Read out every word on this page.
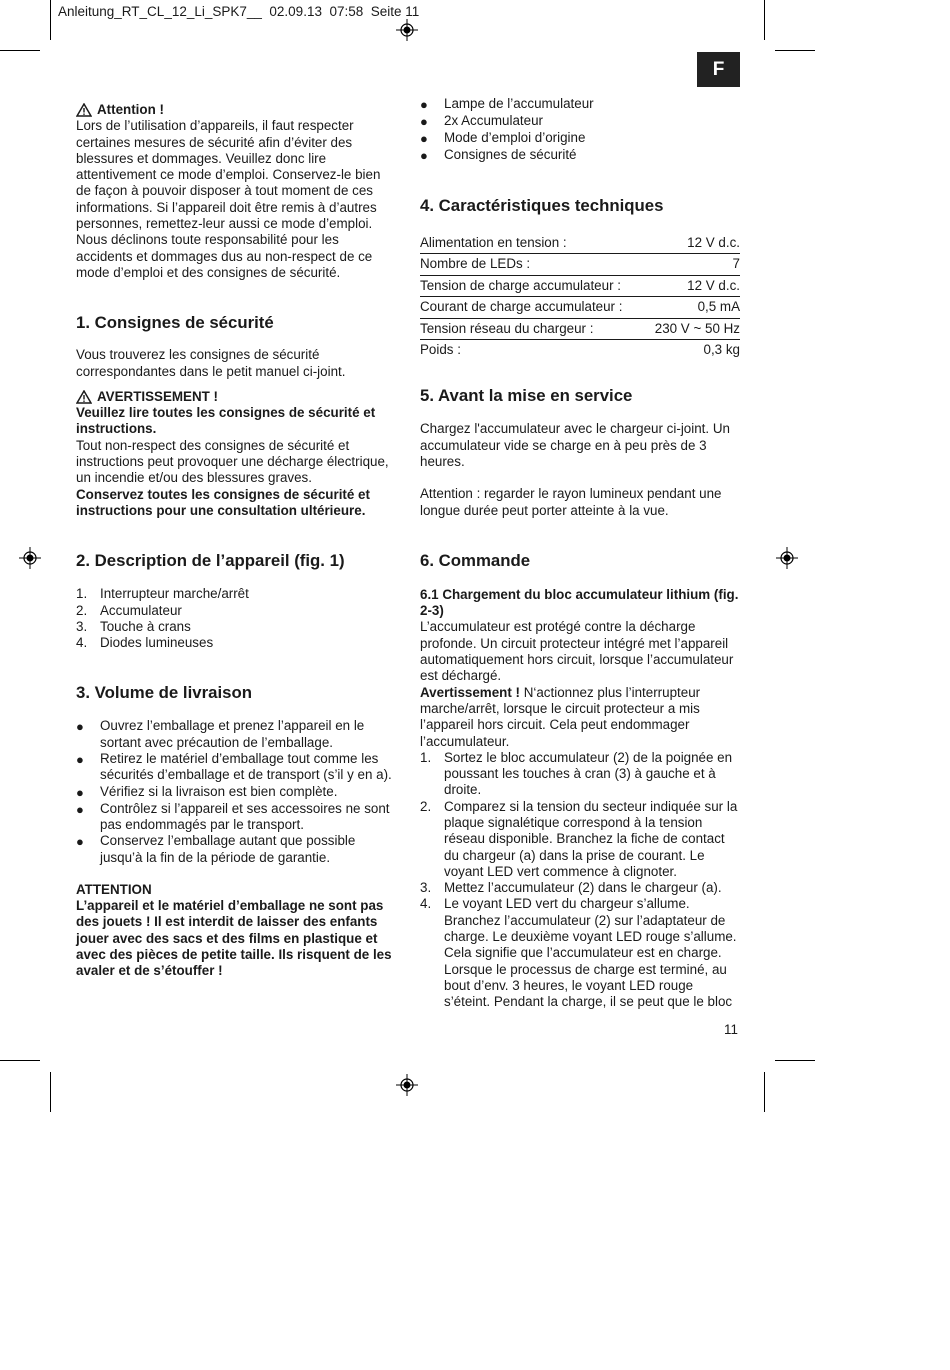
Anleitung_RT_CL_12_Li_SPK7__  02.09.13  07:58  Seite 11
F
Attention !

Lors de l’utilisation d’appareils, il faut respecter certaines mesures de sécurité afin d’éviter des blessures et dommages. Veuillez donc lire attentivement ce mode d’emploi. Conservez-le bien de façon à pouvoir disposer à tout moment de ces informations. Si l’appareil doit être remis à d’autres personnes, remettez-leur aussi ce mode d’emploi. Nous déclinons toute responsabilité pour les accidents et dommages dus au non-respect de ce mode d’emploi et des consignes de sécurité.

1. Consignes de sécurité

Vous trouverez les consignes de sécurité correspondantes dans le petit manuel ci-joint.

AVERTISSEMENT !

Veuillez lire toutes les consignes de sécurité et instructions.

Tout non-respect des consignes de sécurité et instructions peut provoquer une décharge électrique, un incendie et/ou des blessures graves.

Conservez toutes les consignes de sécurité et instructions pour une consultation ultérieure.

2. Description de l’appareil (fig. 1)
1. Interrupteur marche/arrêt
2. Accumulateur
3. Touche à crans
4. Diodes lumineuses
3. Volume de livraison
●	Ouvrez l’emballage et prenez l’appareil en le sortant avec précaution de l’emballage.
●	Retirez le matériel d’emballage tout comme les sécurités d’emballage et de transport (s’il y en a).
●	Vérifiez si la livraison est bien complète.
●	Contrôlez si l’appareil et ses accessoires ne sont pas endommagés par le transport.
●	Conservez l’emballage autant que possible jusqu’à la fin de la période de garantie.

ATTENTION

L’appareil et le matériel d’emballage ne sont pas des jouets ! Il est interdit de laisser des enfants jouer avec des sacs et des films en plastique et avec des pièces de petite taille. Ils risquent de les avaler et de s’étouffer !

●	Lampe de l’accumulateur
●	2x Accumulateur
●	Mode d’emploi d’origine
●	Consignes de sécurité
4. Caractéristiques techniques
Alimentation en tension :	12 V d.c.
Nombre de LEDs :	7
Tension de charge accumulateur :	12 V d.c.
Courant de charge accumulateur :	0,5 mA
Tension réseau du chargeur :	230 V ~ 50 Hz
Poids :	0,3 kg
5. Avant la mise en service

Chargez l'accumulateur avec le chargeur ci-joint. Un accumulateur vide se charge en à peu près de 3 heures.

Attention : regarder le rayon lumineux pendant une longue durée peut porter atteinte à la vue.

6. Commande

6.1 Chargement du bloc accumulateur lithium (fig. 2-3)

L’accumulateur est protégé contre la décharge profonde. Un circuit protecteur intégré met l’appareil automatiquement hors circuit, lorsque l’accumulateur est déchargé.

Avertissement ! N‘actionnez plus l’interrupteur marche/arrêt, lorsque le circuit protecteur a mis l’appareil hors circuit. Cela peut endommager l’accumulateur.

1. Sortez le bloc accumulateur (2) de la poignée en poussant les touches à cran (3) à gauche et à droite.
2. Comparez si la tension du secteur indiquée sur la plaque signalétique correspond à la tension réseau disponible. Branchez la fiche de contact du chargeur (a) dans la prise de courant. Le voyant LED vert commence à clignoter.
3. Mettez l’accumulateur (2) dans le chargeur (a).
4. Le voyant LED vert du chargeur s’allume. Branchez l’accumulateur (2) sur l’adaptateur de charge. Le deuxième voyant LED rouge s’allume. Cela signifie que l’accumulateur est en charge. Lorsque le processus de charge est terminé, au bout d’env. 3 heures, le voyant LED rouge s’éteint. Pendant la charge, il se peut que le bloc
11
